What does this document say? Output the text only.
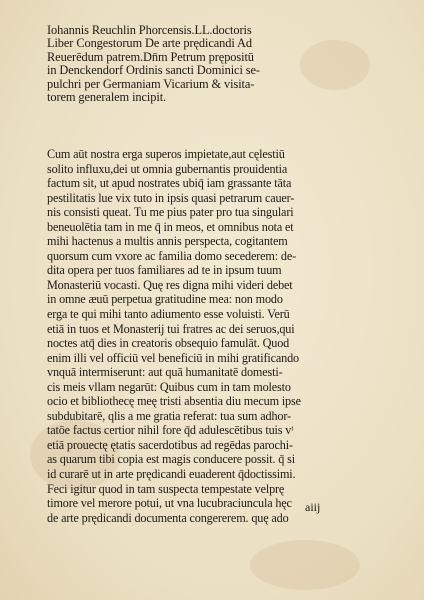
Iohannis Reuchlin Phorcensis.LL.doctoris
Liber Congestorum De arte prędicandi Ad
Reuerēdum patrem.Dn̄m Petrum prępositū
in Denckendorf Ordinis sancti Dominici se-
pulchri per Germaniam Vicarium & visita-
torem generalem incipit.
Cum aūt nostra erga superos impietate,aut cęlestiū
solito influxu,dei ut omnia gubernantis prouidentia
factum sit, ut apud nostrates ubiq̄ iam grassante tāta
pestilitatis lue vix tuto in ipsis quasi petrarum cauer-
nis consisti queat. Tu me pius pater pro tua singulari
beneuolētia tam in me q̄ in meos, et omnibus nota et
mihi hactenus a multis annis perspecta, cogitantem
quorsum cum vxore ac familia domo secederem: de-
dita opera per tuos familiares ad te in ipsum tuum
Monasteriū vocasti. Quę res digna mihi videri debet
in omne æuū perpetua gratitudine mea: non modo
erga te qui mihi tanto adiumento esse voluisti. Verū
etiā in tuos et Monasterij tui fratres ac dei seruos,qui
noctes atq̄ dies in creatoris obsequio famulāt. Quod
enim illi vel officiū vel beneficiū in mihi gratificando
vnquā intermiserunt: aut quā humanitatē domesti-
cis meis vllam negarūt: Quibus cum in tam molesto
ocio et bibliothecę meę tristi absentia diu mecum ipse
subdubitarē, qlis a me gratia referat: tua sum adhor-
tatōe factus certior nihil fore q̄d adulescētibus tuis vᵗ
etiā prouectę ętatis sacerdotibus ad regēdas parochi-
as quarum tibi copia est magis conducere possit. q̄ si
id curarē ut in arte prędicandi euaderent q̄doctissimi.
Feci igitur quod in tam suspecta tempestate velprę
timore vel merore potui, ut vna lucubraciuncula hęc
de arte prędicandi documenta congererem. quę ado
aiij
